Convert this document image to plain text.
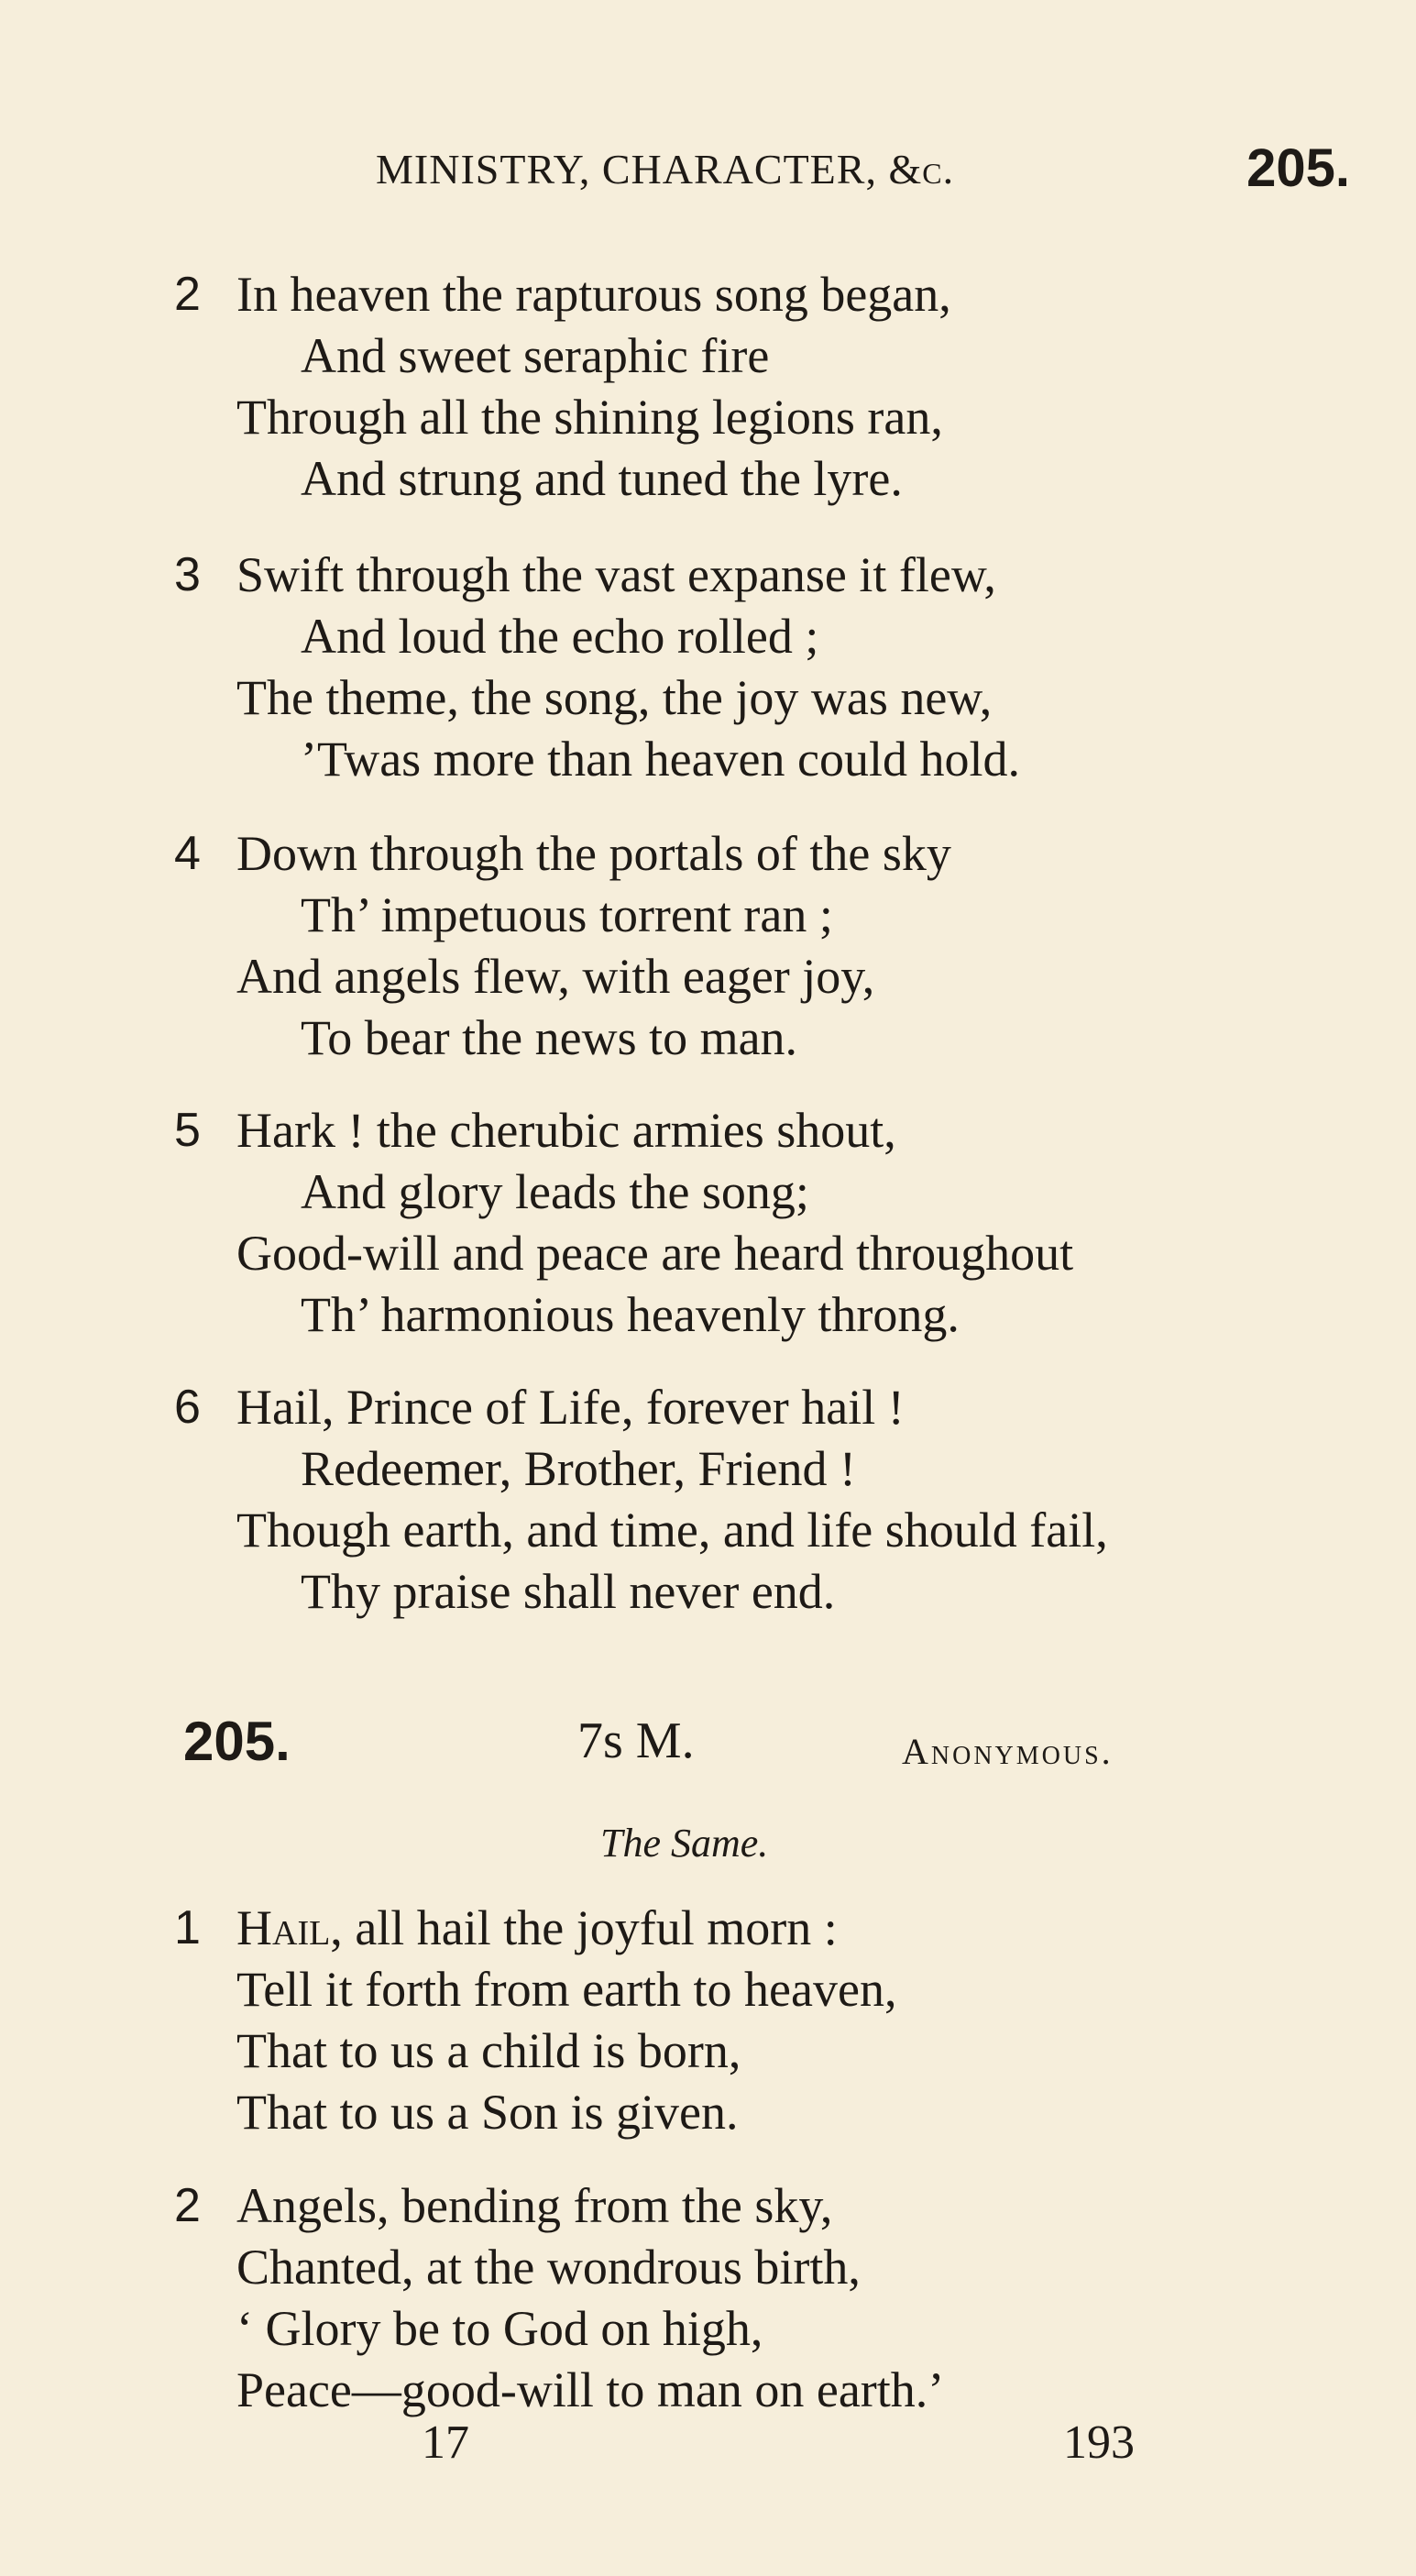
MINISTRY, CHARACTER, &c.	205.
2 In heaven the rapturous song began,
And sweet seraphic fire
Through all the shining legions ran,
And strung and tuned the lyre.
3 Swift through the vast expanse it flew,
And loud the echo rolled ;
The theme, the song, the joy was new,
’Twas more than heaven could hold.
4 Down through the portals of the sky
Th’ impetuous torrent ran ;
And angels flew, with eager joy,
To bear the news to man.
5 Hark ! the cherubic armies shout,
And glory leads the song;
Good-will and peace are heard throughout
Th’ harmonious heavenly throng.
6 Hail, Prince of Life, forever hail !
Redeemer, Brother, Friend !
Though earth, and time, and life should fail,
Thy praise shall never end.
205.	7s M.	Anonymous.
The Same.
1 Hail, all hail the joyful morn :
Tell it forth from earth to heaven,
That to us a child is born,
That to us a Son is given.
2 Angels, bending from the sky,
Chanted, at the wondrous birth,
‘ Glory be to God on high,
Peace—good-will to man on earth.’
17	193
